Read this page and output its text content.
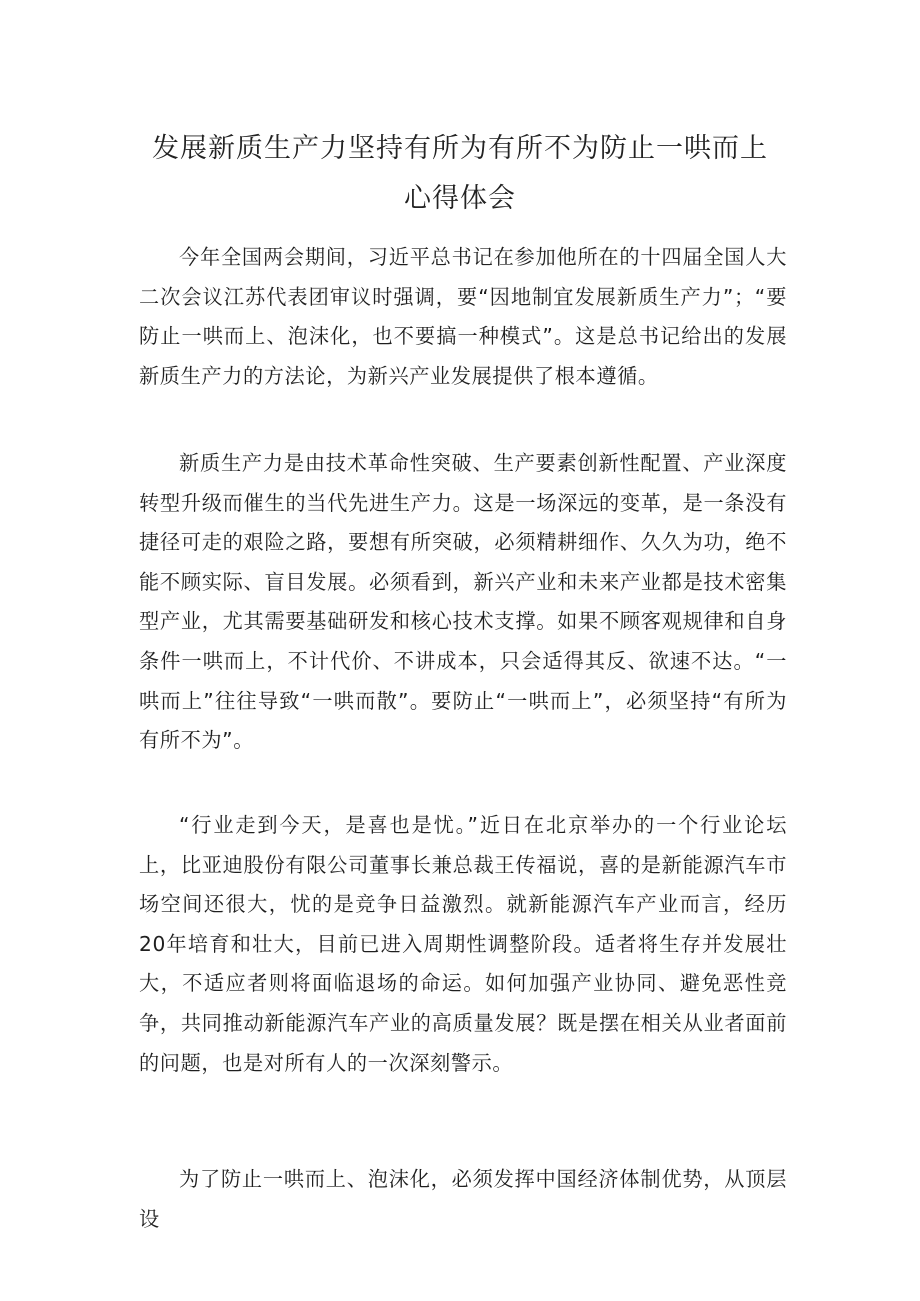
发展新质生产力坚持有所为有所不为防止一哄而上
心得体会

今年全国两会期间，习近平总书记在参加他所在的十四届全国人大二次会议江苏代表团审议时强调，要“因地制宜发展新质生产力”；“要防止一哄而上、泡沫化，也不要搞一种模式”。这是总书记给出的发展新质生产力的方法论，为新兴产业发展提供了根本遵循。

新质生产力是由技术革命性突破、生产要素创新性配置、产业深度转型升级而催生的当代先进生产力。这是一场深远的变革，是一条没有捷径可走的艰险之路，要想有所突破，必须精耕细作、久久为功，绝不能不顾实际、盲目发展。必须看到，新兴产业和未来产业都是技术密集型产业，尤其需要基础研发和核心技术支撑。如果不顾客观规律和自身条件一哄而上，不计代价、不讲成本，只会适得其反、欲速不达。“一哄而上”往往导致“一哄而散”。要防止“一哄而上”，必须坚持“有所为有所不为”。

“行业走到今天，是喜也是忧。”近日在北京举办的一个行业论坛上，比亚迪股份有限公司董事长兼总裁王传福说，喜的是新能源汽车市场空间还很大，忧的是竞争日益激烈。就新能源汽车产业而言，经历20年培育和壮大，目前已进入周期性调整阶段。适者将生存并发展壮大，不适应者则将面临退场的命运。如何加强产业协同、避免恶性竞争，共同推动新能源汽车产业的高质量发展？既是摆在相关从业者面前的问题，也是对所有人的一次深刻警示。

为了防止一哄而上、泡沫化，必须发挥中国经济体制优势，从顶层设
